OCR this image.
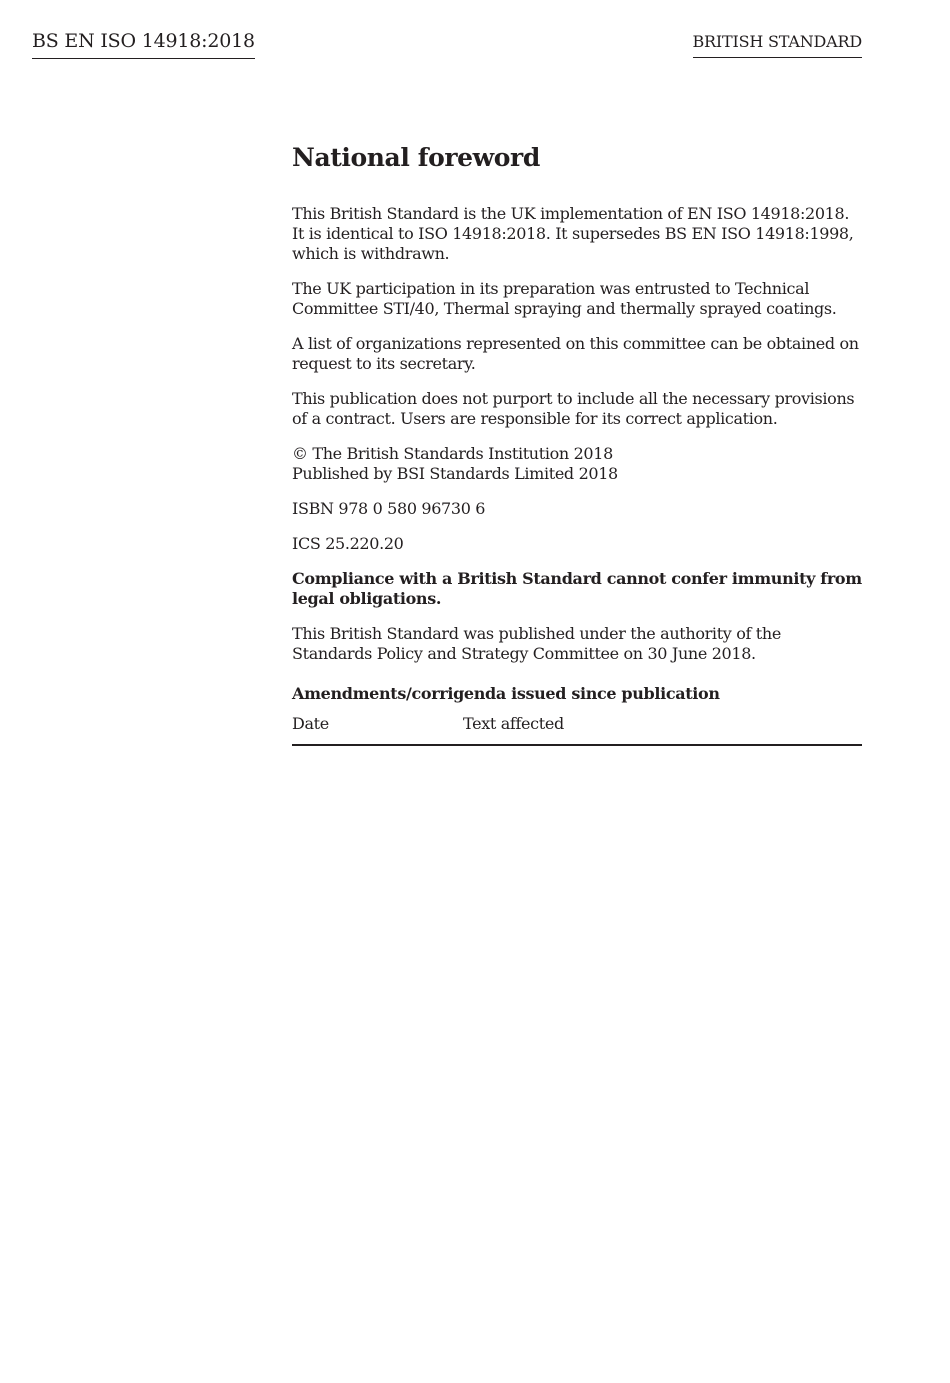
BS EN ISO 14918:2018	BRITISH STANDARD
National foreword

This British Standard is the UK implementation of EN ISO 14918:2018.
It is identical to ISO 14918:2018. It supersedes BS EN ISO 14918:1998,
which is withdrawn.

The UK participation in its preparation was entrusted to Technical
Committee STI/40, Thermal spraying and thermally sprayed coatings.

A list of organizations represented on this committee can be obtained on
request to its secretary.

This publication does not purport to include all the necessary provisions
of a contract. Users are responsible for its correct application.

© The British Standards Institution 2018
Published by BSI Standards Limited 2018

ISBN 978 0 580 96730 6

ICS 25.220.20

Compliance with a British Standard cannot confer immunity from
legal obligations.

This British Standard was published under the authority of the
Standards Policy and Strategy Committee on 30 June 2018.

Amendments/corrigenda issued since publication
Date	Text affected
